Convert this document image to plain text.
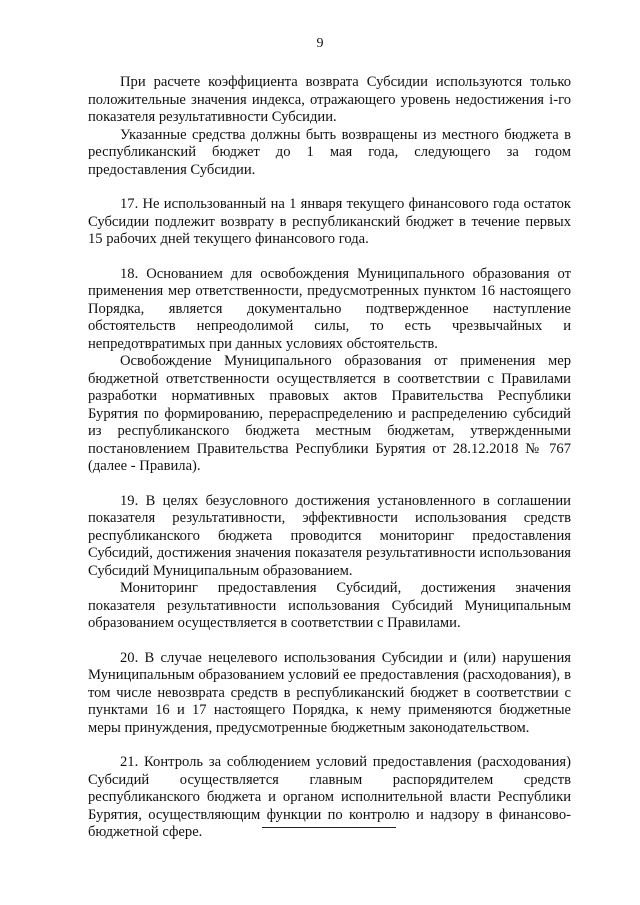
9

При расчете коэффициента возврата Субсидии используются только положительные значения индекса, отражающего уровень недостижения i-го показателя результативности Субсидии.

Указанные средства должны быть возвращены из местного бюджета в республиканский бюджет до 1 мая года, следующего за годом предоставления Субсидии.

17. Не использованный на 1 января текущего финансового года остаток Субсидии подлежит возврату в республиканский бюджет в течение первых 15 рабочих дней текущего финансового года.

18. Основанием для освобождения Муниципального образования от применения мер ответственности, предусмотренных пунктом 16 настоящего Порядка, является документально подтвержденное наступление обстоятельств непреодолимой силы, то есть чрезвычайных и непредотвратимых при данных условиях обстоятельств.

Освобождение Муниципального образования от применения мер бюджетной ответственности осуществляется в соответствии с Правилами разработки нормативных правовых актов Правительства Республики Бурятия по формированию, перераспределению и распределению субсидий из республиканского бюджета местным бюджетам, утвержденными постановлением Правительства Республики Бурятия от 28.12.2018 № 767 (далее - Правила).

19. В целях безусловного достижения установленного в соглашении показателя результативности, эффективности использования средств республиканского бюджета проводится мониторинг предоставления Субсидий, достижения значения показателя результативности использования Субсидий Муниципальным образованием.

Мониторинг предоставления Субсидий, достижения значения показателя результативности использования Субсидий Муниципальным образованием осуществляется в соответствии с Правилами.

20. В случае нецелевого использования Субсидии и (или) нарушения Муниципальным образованием условий ее предоставления (расходования), в том числе невозврата средств в республиканский бюджет в соответствии с пунктами 16 и 17 настоящего Порядка, к нему применяются бюджетные меры принуждения, предусмотренные бюджетным законодательством.

21. Контроль за соблюдением условий предоставления (расходования) Субсидий осуществляется главным распорядителем средств республиканского бюджета и органом исполнительной власти Республики Бурятия, осуществляющим функции по контролю и надзору в финансово-бюджетной сфере.
